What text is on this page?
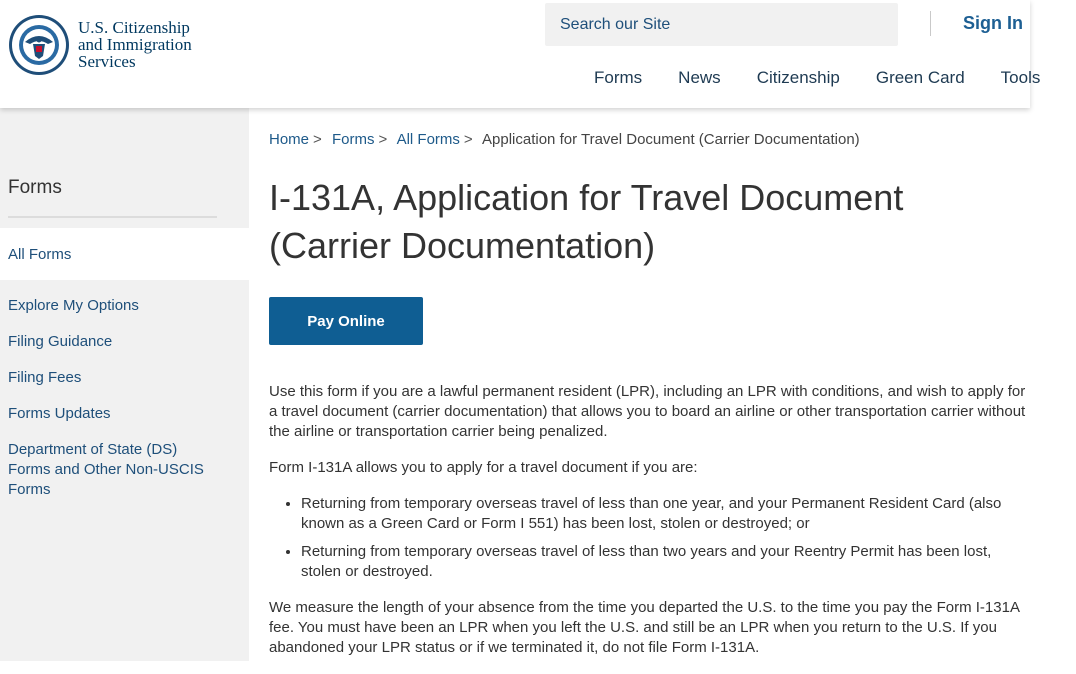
U.S. Citizenship
and Immigration
Services
Search our Site	Sign In
Forms News Citizenship Green Card Tools
Forms
All Forms
Explore My Options
Filing Guidance
Filing Fees
Forms Updates
Department of State (DS) Forms and Other Non-USCIS Forms
Home > Forms > All Forms > Application for Travel Document (Carrier Documentation)
I-131A, Application for Travel Document (Carrier Documentation)
Pay Online

Use this form if you are a lawful permanent resident (LPR), including an LPR with conditions, and wish to apply for a travel document (carrier documentation) that allows you to board an airline or other transportation carrier without the airline or transportation carrier being penalized.

Form I-131A allows you to apply for a travel document if you are:

• Returning from temporary overseas travel of less than one year, and your Permanent Resident Card (also known as a Green Card or Form I 551) has been lost, stolen or destroyed; or
• Returning from temporary overseas travel of less than two years and your Reentry Permit has been lost, stolen or destroyed.

We measure the length of your absence from the time you departed the U.S. to the time you pay the Form I-131A fee. You must have been an LPR when you left the U.S. and still be an LPR when you return to the U.S. If you abandoned your LPR status or if we terminated it, do not file Form I-131A.
